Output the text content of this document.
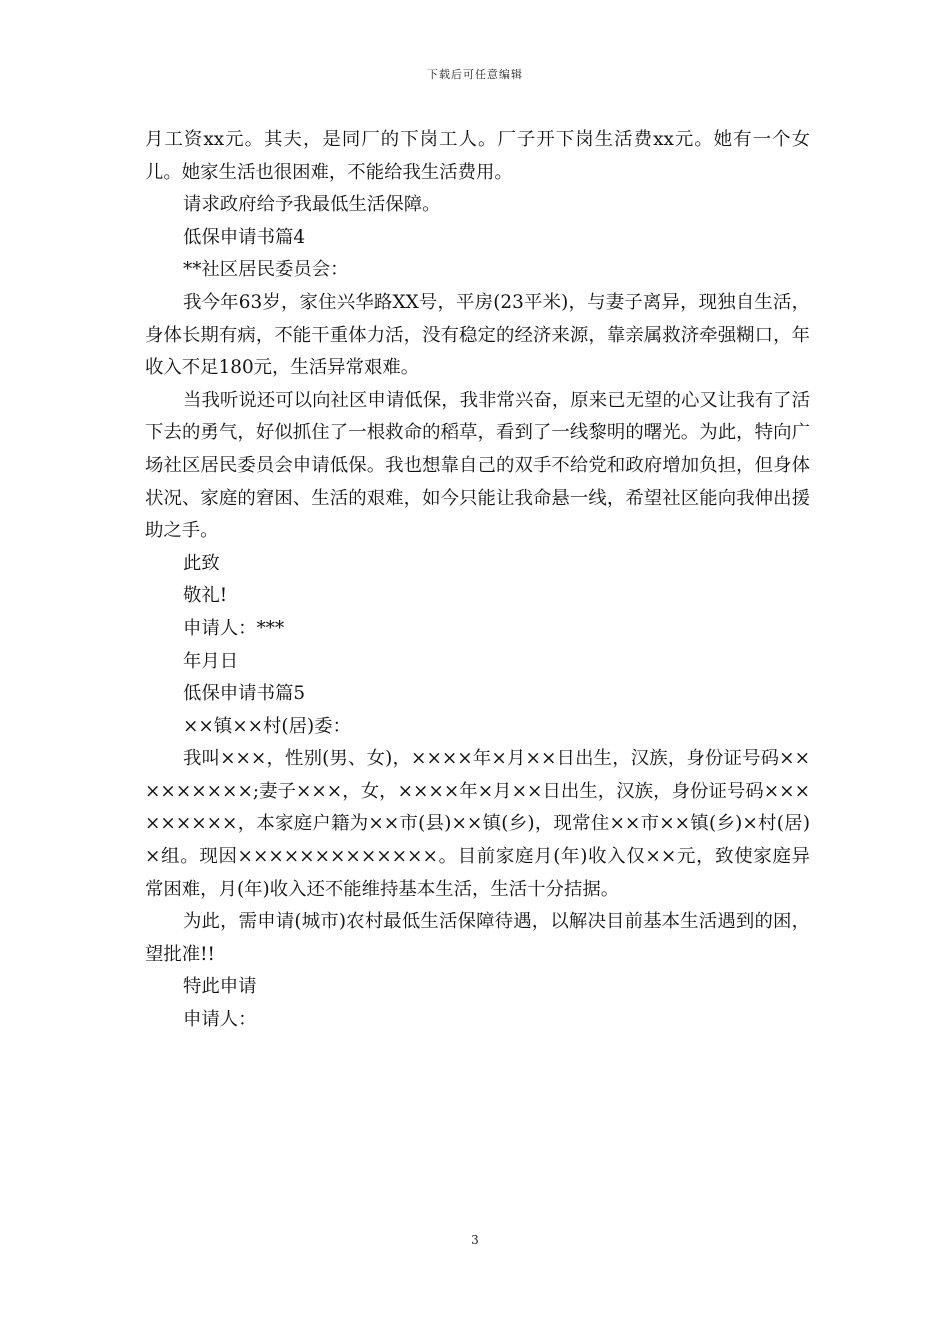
下载后可任意编辑

月工资xx元。其夫，是同厂的下岗工人。厂子开下岗生活费xx元。她有一个女儿。她家生活也很困难，不能给我生活费用。

请求政府给予我最低生活保障。

低保申请书篇4

**社区居民委员会：

我今年63岁，家住兴华路XX号，平房(23平米)，与妻子离异，现独自生活，身体长期有病，不能干重体力活，没有稳定的经济来源，靠亲属救济牵强糊口，年收入不足180元，生活异常艰难。

当我听说还可以向社区申请低保，我非常兴奋，原来已无望的心又让我有了活下去的勇气，好似抓住了一根救命的稻草，看到了一线黎明的曙光。为此，特向广场社区居民委员会申请低保。我也想靠自己的双手不给党和政府增加负担，但身体状况、家庭的窘困、生活的艰难，如今只能让我命悬一线，希望社区能向我伸出援助之手。

此致

敬礼!

申请人：***

年月日

低保申请书篇5

××镇××村(居)委：

我叫×××，性别(男、女)，××××年×月××日出生，汉族，身份证号码×××××××××;妻子×××，女，××××年×月××日出生，汉族，身份证号码×××××××××，本家庭户籍为××市(县)××镇(乡)，现常住××市××镇(乡)×村(居)×组。现因×××××××××××××。目前家庭月(年)收入仅××元，致使家庭异常困难，月(年)收入还不能维持基本生活，生活十分拮据。

为此，需申请(城市)农村最低生活保障待遇，以解决目前基本生活遇到的困，望批准!!

特此申请

申请人：

3
